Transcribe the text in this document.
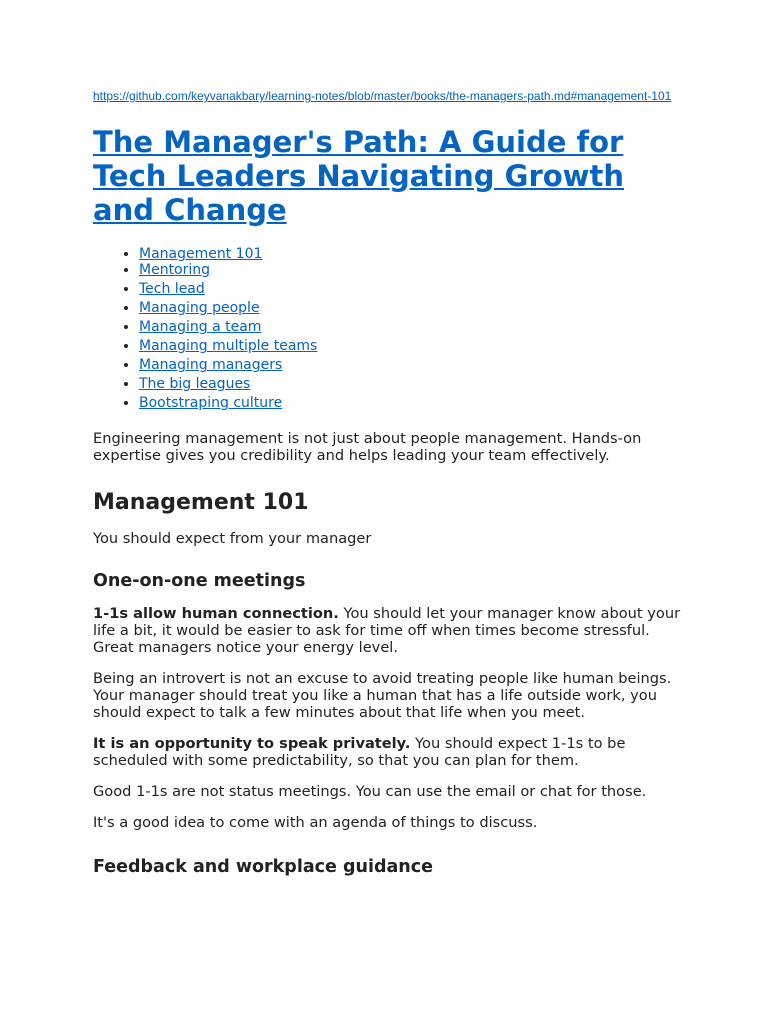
https://github.com/keyvanakbary/learning-notes/blob/master/books/the-managers-path.md#management-101
The Manager's Path: A Guide for Tech Leaders Navigating Growth and Change
• Management 101
• Mentoring
• Tech lead
• Managing people
• Managing a team
• Managing multiple teams
• Managing managers
• The big leagues
• Bootstraping culture

Engineering management is not just about people management. Hands-on expertise gives you credibility and helps leading your team effectively.

Management 101

You should expect from your manager

One-on-one meetings

1-1s allow human connection. You should let your manager know about your life a bit, it would be easier to ask for time off when times become stressful. Great managers notice your energy level.

Being an introvert is not an excuse to avoid treating people like human beings. Your manager should treat you like a human that has a life outside work, you should expect to talk a few minutes about that life when you meet.

It is an opportunity to speak privately. You should expect 1-1s to be scheduled with some predictability, so that you can plan for them.

Good 1-1s are not status meetings. You can use the email or chat for those.

It's a good idea to come with an agenda of things to discuss.

Feedback and workplace guidance
